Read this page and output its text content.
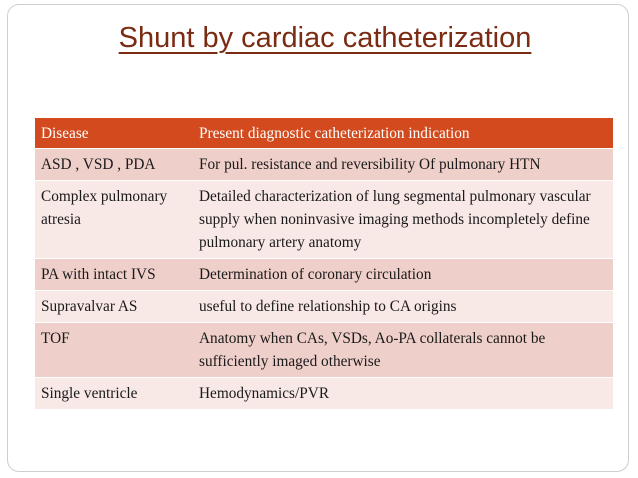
Shunt by cardiac catheterization
Disease	Present diagnostic catheterization indication
ASD , VSD , PDA	For pul. resistance and reversibility Of pulmonary HTN

Complex pulmonary atresia	Detailed characterization of lung segmental pulmonary vascular supply when noninvasive imaging methods incompletely define pulmonary artery anatomy
PA with intact IVS	Determination of coronary circulation
Supravalvar AS	useful to define relationship to CA origins
TOF	Anatomy when CAs, VSDs, Ao-PA collaterals cannot be sufficiently imaged otherwise
Single ventricle	Hemodynamics/PVR
